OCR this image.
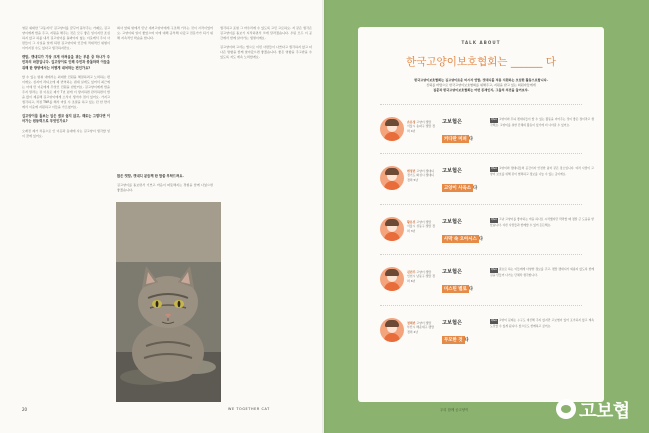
영문 위대한 '고동지식' 길고양이를 꿈꾸어 품부주는 카페로, 길고양이에게 밥을 주고, 지원을 해주는 것은 모두 좋은 일이지만 조심하지 않고 하룰 내서 길고양이를 돌봐야지 없는 이웃에서 주셔 사람들이 그 사실을 알게 되면 길고양이와 인간에 적대적인 위험이 이어지질 수도 있다고 생각하지만요.

캣맘, 캣대디가 가장 크게 어려움을 겪는 부분 중 하나가 주민과의 마찰입니다. 길고양이로 인해 주민과 충돌하며 이들을 위해 한 방향에서는 어떻게 대처하는 편인가요?

할 수 있는 범위 내에서는 최대한 민원을 해결하려고 노력하는 편이에요. 심지어 라디오에 제 번역하는 냄새 실게도 있어서 최근에는 아예 먼 이웃에게 무엇인 민원을 받았어요. 길고양이에게 밥을 주지 말라는 걸 이유로 제가 7년 넘게 이 방지하면 관리하면서 밥을 많이 제공해 길고양이에게 소식이 생겨야 점이 있어요. 가지고 생각하고, 적정 TNR를 해서 마릿 수 조절을 하고 있는 단 한 반서에서 이웃에 지원하고 이들을 가르쳤어요.

길고양이를 돌보는 일은 결코 쉽지 않고, 때로는 그렇다면 이어가는 원동력으로 무엇인가요?

오래전 제가 처음으로 인 이웃과 동네에 사는 길고양이 생각할 일이 꿈에 있어요.

회사 앞의 밖에서 만난 새끼고양이에게 구조해 키우는 것이 시작이었어요. 고양이의 일이 좋았으며 이에 대해 공부해 나갔고 전문가가 되기 위해 지속적인 학습을 합니다.

많은 캣맘, 캣대디 분들께 한 말씀 부탁드려요.

길고양이를 돌보면서 기쁘고 마음이 따뜻해지는 경험을 함께 나눴으면 좋겠습니다.

생각하고 표현 그 마우리에 수 있도록 고민 고로하요. 저 같은 생각은 길고양이를 돌보기 시작하면서 크게 달라졌습니다. 우린 모두 이 공간에서 함께 살아가는 생명이에요.

길고양이와 고서는 법으로 이런 사람들이 나쁘다고 생각하지 않고 더 나은 방향을 함께 찾아갔으면 좋겠습니다. 좋은 영향을 주고받을 수 있도록 저도 계속 노력할게요.

20	WE TOGETHER CAT
TALK ABOUT
한국고양이보호협회는 ______ 다
한국고양이보호협회는 길고양이로운 마시자 연합, 캣대디를 적용 지원하는 모임한 활동으로합니다.
신뢰를 바탕으로 한국고양이보호협회를 위해주고, 지원을 받고 있는 회원자들에게
질문과 한국고양이보호협회는 어떤 존재인지, 그들의 의견을 들어보자.
손유정 고양이 캣맘
서울시 송파구 캣맘 경력 4년
고보협은
커다란 머퍼 다
Q&A 고양이와 무늬 캣대디들이 할 수 있는 활동을 이어주는 것이 좋은 점이라고 생각해요. 고양이를 위한 단체의 활동이 있기에 더 나아갈 수 있어요.
변정민 고양이 캣대디
경기도 화성시 캣대디 경력 5년
고보협은
고양이 사육소 다
Q&A 고양이와 캣대디들의 공간이자 안전한 쉼터 같은 장소입니다. 여러 사람이 고양이 보호를 위해 같이 협력하고 정보를 나눌 수 있는 곳이에요.
황유진 고양이 캣맘
서울시 성동구 캣맘 경력 3년
고보협은
사막 속 오아시스 다
Q&A 그냥 고양이를 좋아하는 마음 하나로 시작했지만 막막할 때 정말 큰 도움을 받았습니다. 다른 사람들과 함께할 수 있어 든든해요.
김민주 고양이 캣맘
인천시 남동구 캣맘 경력 6년
고보협은
미스틴 별로 다
Q&A 필요로 하는 이들에게 다양한 정보를 주고, 캣맘 캣대디가 외롭지 않도록 함께 길을 만들어 나가는 단체라 생각합니다.
정혜빈 고양이 캣맘
부산시 해운대구 캣맘 경력 2년
고보협은
무모한 것 다
Q&A 고양이 문제는 누구도 대신해 주지 않지만 고보협이 있어 포기하지 않고 계속 도전할 수 있게 됩니다. 앞으로도 함께하고 싶어요.
우리 함께 공고양이	고보협
